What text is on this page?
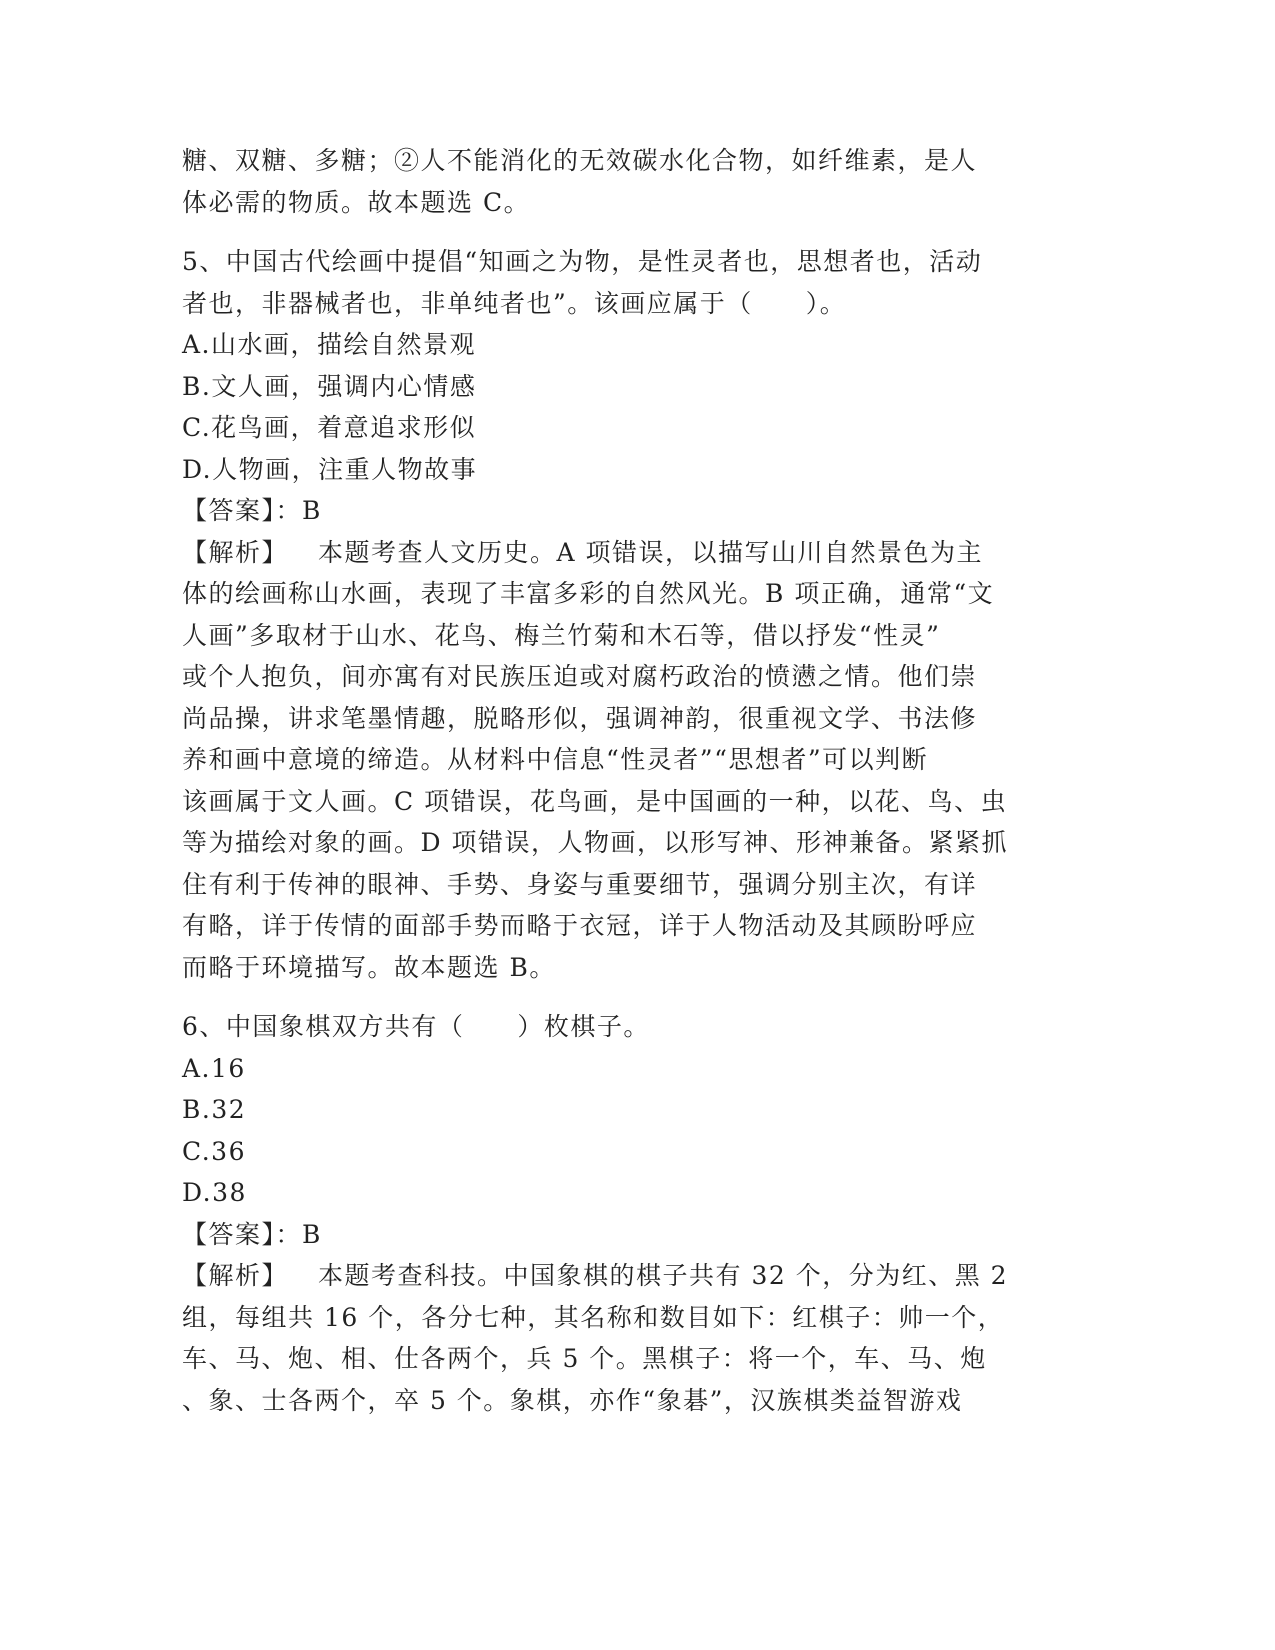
糖、双糖、多糖；②人不能消化的无效碳水化合物，如纤维素，是人
体必需的物质。故本题选 C。
5、中国古代绘画中提倡“知画之为物，是性灵者也，思想者也，活动
者也，非器械者也，非单纯者也”。该画应属于（　　）。
A.山水画，描绘自然景观
B.文人画，强调内心情感
C.花鸟画，着意追求形似
D.人物画，注重人物故事
【答案】：B
【解析】 本题考查人文历史。A 项错误，以描写山川自然景色为主
体的绘画称山水画，表现了丰富多彩的自然风光。B 项正确，通常“文
人画”多取材于山水、花鸟、梅兰竹菊和木石等，借以抒发“性灵”
或个人抱负，间亦寓有对民族压迫或对腐朽政治的愤懑之情。他们崇
尚品操，讲求笔墨情趣，脱略形似，强调神韵，很重视文学、书法修
养和画中意境的缔造。从材料中信息“性灵者”“思想者”可以判断
该画属于文人画。C 项错误，花鸟画，是中国画的一种，以花、鸟、虫
等为描绘对象的画。D 项错误，人物画，以形写神、形神兼备。紧紧抓
住有利于传神的眼神、手势、身姿与重要细节，强调分别主次，有详
有略，详于传情的面部手势而略于衣冠，详于人物活动及其顾盼呼应
而略于环境描写。故本题选 B。
6、中国象棋双方共有（　　）枚棋子。
A.16
B.32
C.36
D.38
【答案】：B
【解析】 本题考查科技。中国象棋的棋子共有 32 个，分为红、黑 2
组，每组共 16 个，各分七种，其名称和数目如下：红棋子：帅一个，
车、马、炮、相、仕各两个，兵 5 个。黑棋子：将一个，车、马、炮
、象、士各两个，卒 5 个。象棋，亦作“象碁”，汉族棋类益智游戏
